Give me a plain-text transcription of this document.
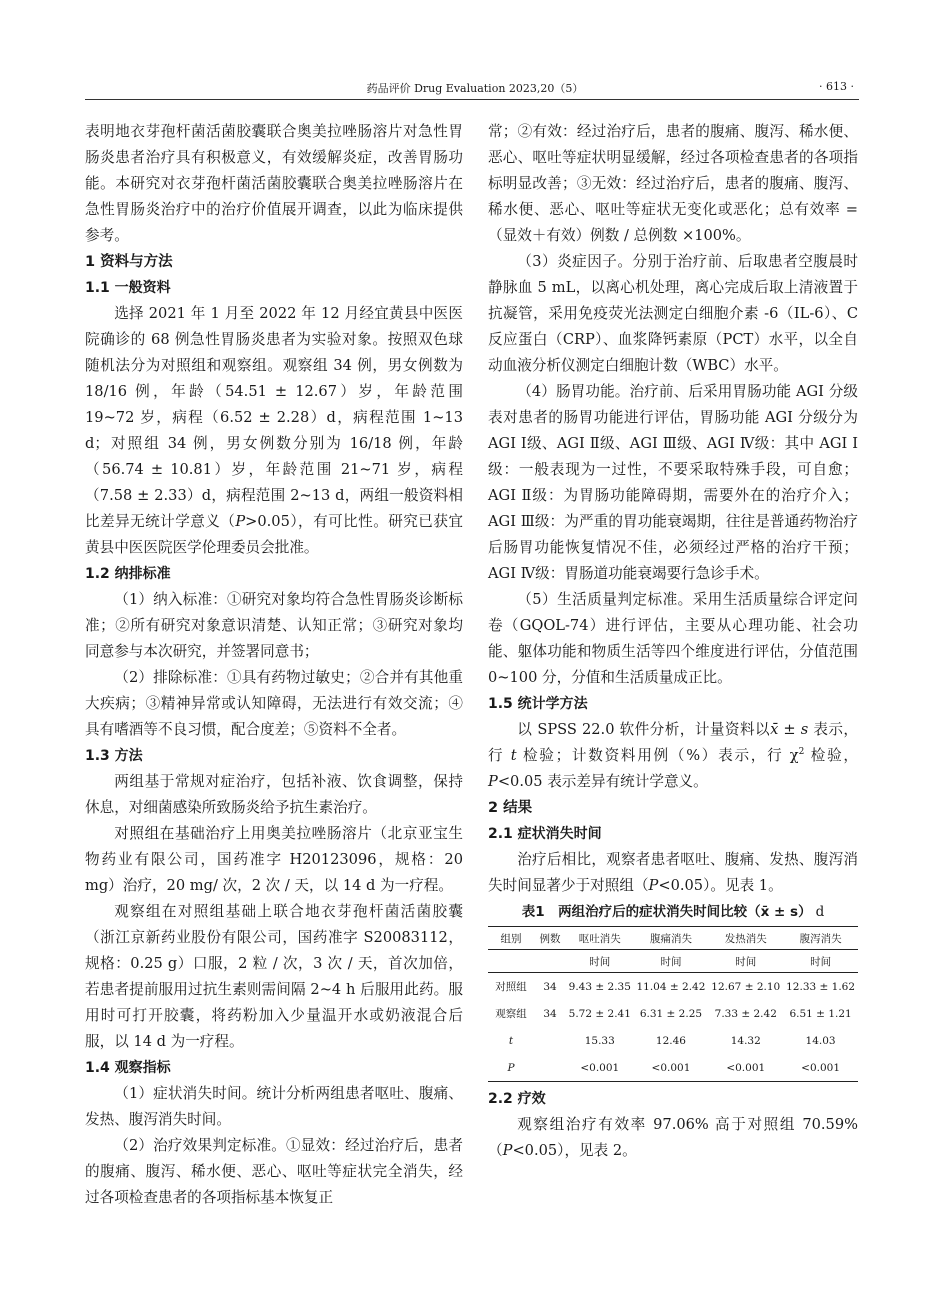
药品评价 Drug Evaluation 2023,20（5）	· 613 ·

表明地衣芽孢杆菌活菌胶囊联合奥美拉唑肠溶片对急性胃肠炎患者治疗具有积极意义，有效缓解炎症，改善胃肠功能。本研究对衣芽孢杆菌活菌胶囊联合奥美拉唑肠溶片在急性胃肠炎治疗中的治疗价值展开调查，以此为临床提供参考。

1 资料与方法

1.1 一般资料

选择 2021 年 1 月至 2022 年 12 月经宜黄县中医医院确诊的 68 例急性胃肠炎患者为实验对象。按照双色球随机法分为对照组和观察组。观察组 34 例，男女例数为 18/16 例，年龄（54.51 ± 12.67）岁，年龄范围 19~72 岁，病程（6.52 ± 2.28）d，病程范围 1~13 d；对照组 34 例，男女例数分别为 16/18 例，年龄（56.74 ± 10.81）岁，年龄范围 21~71 岁，病程（7.58 ± 2.33）d，病程范围 2~13 d，两组一般资料相比差异无统计学意义（P>0.05），有可比性。研究已获宜黄县中医医院医学伦理委员会批准。

1.2 纳排标准

（1）纳入标准：①研究对象均符合急性胃肠炎诊断标准；②所有研究对象意识清楚、认知正常；③研究对象均同意参与本次研究，并签署同意书；

（2）排除标准：①具有药物过敏史；②合并有其他重大疾病；③精神异常或认知障碍，无法进行有效交流；④具有嗜酒等不良习惯，配合度差；⑤资料不全者。

1.3 方法

两组基于常规对症治疗，包括补液、饮食调整，保持休息，对细菌感染所致肠炎给予抗生素治疗。

对照组在基础治疗上用奥美拉唑肠溶片（北京亚宝生物药业有限公司，国药准字 H20123096，规格：20 mg）治疗，20 mg/ 次，2 次 / 天，以 14 d 为一疗程。

观察组在对照组基础上联合地衣芽孢杆菌活菌胶囊（浙江京新药业股份有限公司，国药准字 S20083112，规格：0.25 g）口服，2 粒 / 次，3 次 / 天，首次加倍，若患者提前服用过抗生素则需间隔 2~4 h 后服用此药。服用时可打开胶囊，将药粉加入少量温开水或奶液混合后服，以 14 d 为一疗程。

1.4 观察指标

（1）症状消失时间。统计分析两组患者呕吐、腹痛、发热、腹泻消失时间。

（2）治疗效果判定标准。①显效：经过治疗后，患者的腹痛、腹泻、稀水便、恶心、呕吐等症状完全消失，经过各项检查患者的各项指标基本恢复正

常；②有效：经过治疗后，患者的腹痛、腹泻、稀水便、恶心、呕吐等症状明显缓解，经过各项检查患者的各项指标明显改善；③无效：经过治疗后，患者的腹痛、腹泻、稀水便、恶心、呕吐等症状无变化或恶化；总有效率 =（显效＋有效）例数 / 总例数 ×100%。

（3）炎症因子。分别于治疗前、后取患者空腹晨时静脉血 5 mL，以离心机处理，离心完成后取上清液置于抗凝管，采用免疫荧光法测定白细胞介素 -6（IL-6）、C 反应蛋白（CRP）、血浆降钙素原（PCT）水平，以全自动血液分析仪测定白细胞计数（WBC）水平。

（4）肠胃功能。治疗前、后采用胃肠功能 AGI 分级表对患者的肠胃功能进行评估，胃肠功能 AGI 分级分为 AGI Ⅰ级、AGI Ⅱ级、AGI Ⅲ级、AGI Ⅳ级：其中 AGI Ⅰ级：一般表现为一过性，不要采取特殊手段，可自愈；AGI Ⅱ级：为胃肠功能障碍期，需要外在的治疗介入；AGI Ⅲ级：为严重的胃功能衰竭期，往往是普通药物治疗后肠胃功能恢复情况不佳，必须经过严格的治疗干预；AGI Ⅳ级：胃肠道功能衰竭要行急诊手术。

（5）生活质量判定标准。采用生活质量综合评定问卷（GQOL-74）进行评估，主要从心理功能、社会功能、躯体功能和物质生活等四个维度进行评估，分值范围 0~100 分，分值和生活质量成正比。

1.5 统计学方法

以 SPSS 22.0 软件分析，计量资料以x̄ ± s 表示，行 t 检验；计数资料用例（%）表示，行 $\chi^2$ 检验，P<0.05 表示差异有统计学意义。

2 结果

2.1 症状消失时间

治疗后相比，观察者患者呕吐、腹痛、发热、腹泻消失时间显著少于对照组（P<0.05）。见表 1。

表1　两组治疗后的症状消失时间比较（x̄ ± s） d

组别	例数	呕吐消失	腹痛消失	发热消失	腹泻消失
		时间	时间	时间	时间
对照组	34	9.43 ± 2.35	11.04 ± 2.42	12.67 ± 2.10	12.33 ± 1.62
观察组	34	5.72 ± 2.41	6.31 ± 2.25	7.33 ± 2.42	6.51 ± 1.21
t		15.33	12.46	14.32	14.03
P		<0.001	<0.001	<0.001	<0.001

2.2 疗效

观察组治疗有效率 97.06% 高于对照组 70.59%（P<0.05），见表 2。
